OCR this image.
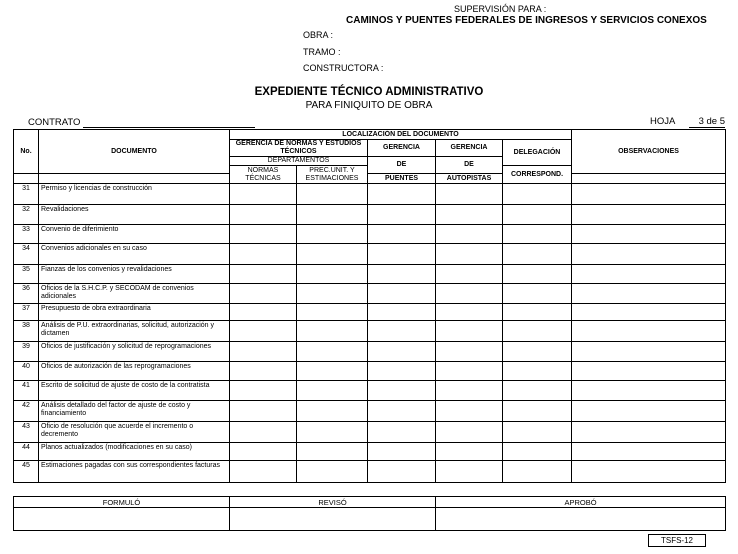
SUPERVISIÓN PARA :
CAMINOS Y PUENTES FEDERALES DE INGRESOS Y SERVICIOS CONEXOS
OBRA :
TRAMO :
CONSTRUCTORA :
EXPEDIENTE TÉCNICO ADMINISTRATIVO
PARA FINIQUITO DE OBRA
CONTRATO	HOJA	3 de 5
No.	DOCUMENTO	LOCALIZACIÓN DEL DOCUMENTO					OBSERVACIONES
		GERENCIA DE NORMAS Y ESTUDIOS TÉCNICOS		GERENCIA	GERENCIA	DELEGACIÓN	
		DEPARTAMENTOS		DE	DE		
		NORMAS TÉCNICAS	PREC.UNIT. Y ESTIMACIONES			CORRESPOND.	
				PUENTES	AUTOPISTAS		
31	Permiso y licencias de construcción						
32	Revalidaciones						
33	Convenio de diferimiento						
34	Convenios adicionales en su caso						
35	Fianzas de los convenios y revalidaciones						
36	Oficios de la S.H.C.P. y SECODAM de convenios adicionales						
37	Presupuesto de obra extraordinaria						
38	Análisis de P.U. extraordinarias, solicitud, autorización y dictamen						
39	Oficios de justificación y solicitud de reprogramaciones						
40	Oficios de autorización de las reprogramaciones						
41	Escrito de solicitud de ajuste de costo de la contratista						
42	Análisis detallado del factor de ajuste de costo y financiamiento						
43	Oficio de resolución que acuerde el incremento o decremento						
44	Planos actualizados (modificaciones en su caso)						
45	Estimaciones pagadas con sus correspondientes facturas						
FORMULÓ	REVISÓ	APROBÓ

TSFS-12
